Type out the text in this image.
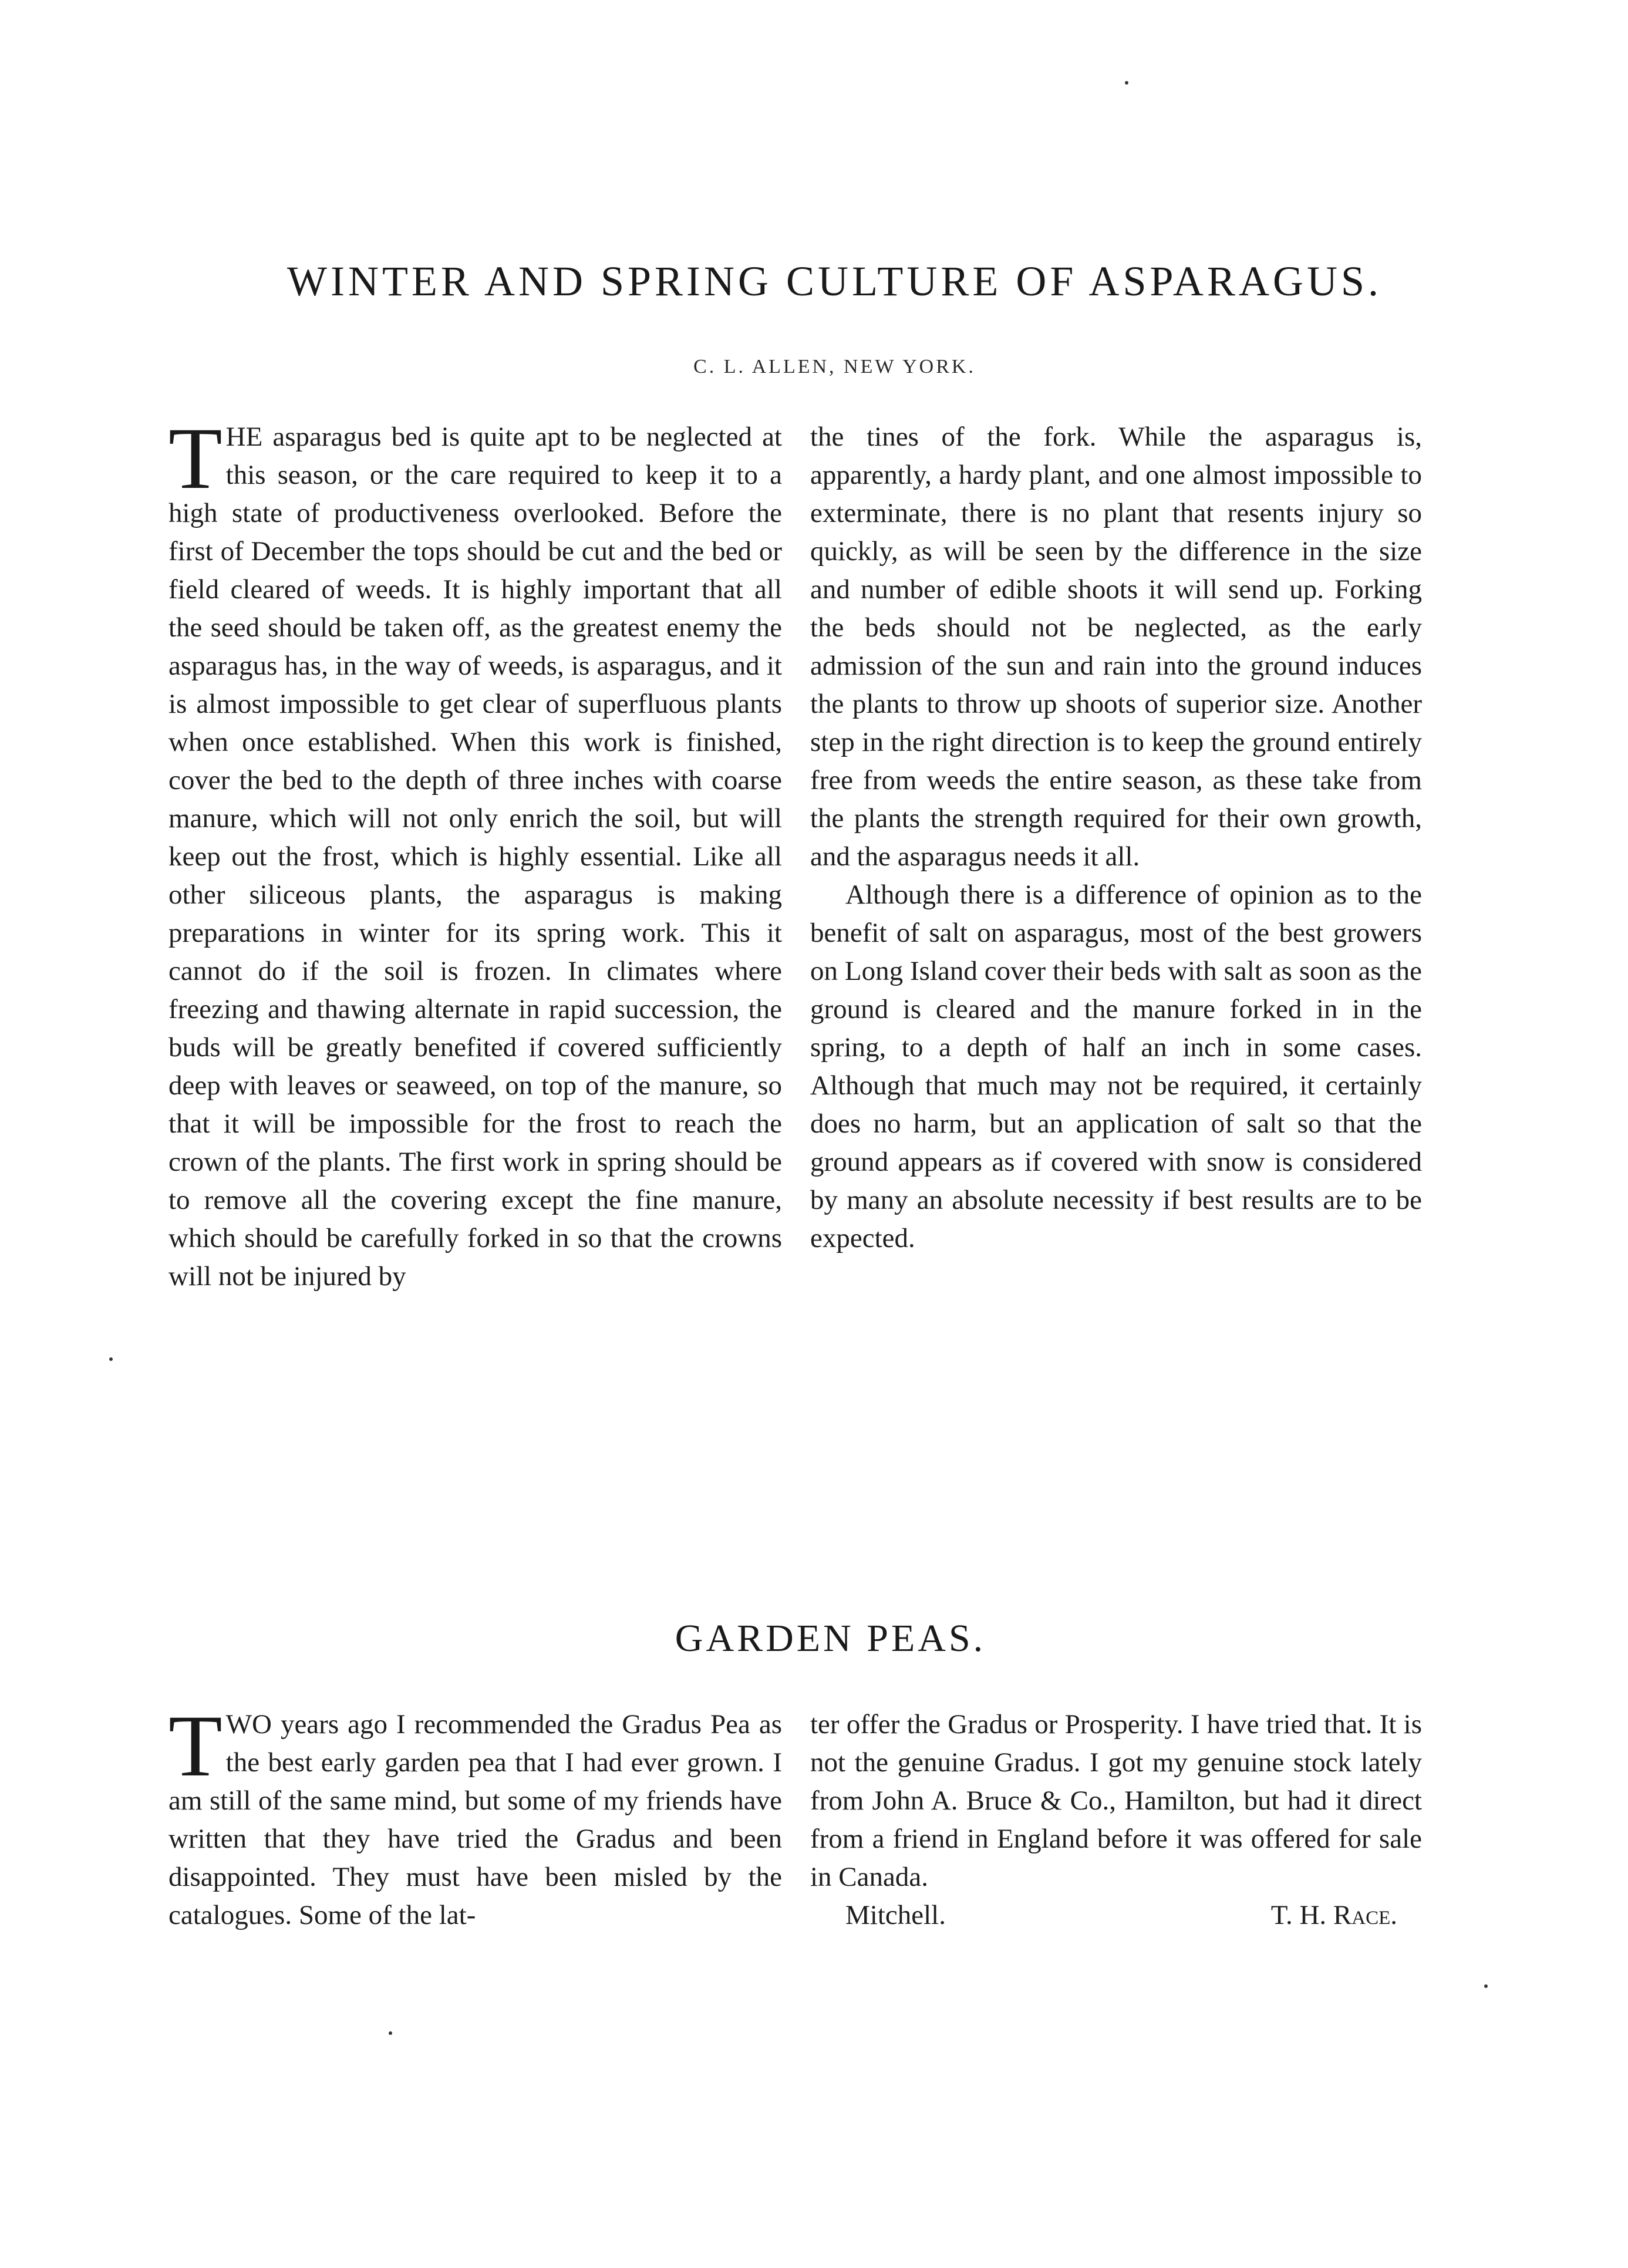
WINTER AND SPRING CULTURE OF ASPARAGUS.

C. L. ALLEN, NEW YORK.

THE asparagus bed is quite apt to be neglected at this season, or the care required to keep it to a high state of productiveness overlooked. Before the first of December the tops should be cut and the bed or field cleared of weeds. It is highly important that all the seed should be taken off, as the greatest enemy the asparagus has, in the way of weeds, is asparagus, and it is almost impossible to get clear of superfluous plants when once established. When this work is finished, cover the bed to the depth of three inches with coarse manure, which will not only enrich the soil, but will keep out the frost, which is highly essential. Like all other siliceous plants, the asparagus is making preparations in winter for its spring work. This it cannot do if the soil is frozen. In climates where freezing and thawing alternate in rapid succession, the buds will be greatly benefited if covered sufficiently deep with leaves or seaweed, on top of the manure, so that it will be impossible for the frost to reach the crown of the plants. The first work in spring should be to remove all the covering except the fine manure, which should be carefully forked in so that the crowns will not be injured by

the tines of the fork. While the asparagus is, apparently, a hardy plant, and one almost impossible to exterminate, there is no plant that resents injury so quickly, as will be seen by the difference in the size and number of edible shoots it will send up. Forking the beds should not be neglected, as the early admission of the sun and rain into the ground induces the plants to throw up shoots of superior size. Another step in the right direction is to keep the ground entirely free from weeds the entire season, as these take from the plants the strength required for their own growth, and the asparagus needs it all.

Although there is a difference of opinion as to the benefit of salt on asparagus, most of the best growers on Long Island cover their beds with salt as soon as the ground is cleared and the manure forked in in the spring, to a depth of half an inch in some cases. Although that much may not be required, it certainly does no harm, but an application of salt so that the ground appears as if covered with snow is considered by many an absolute necessity if best results are to be expected.

GARDEN PEAS.

TWO years ago I recommended the Gradus Pea as the best early garden pea that I had ever grown. I am still of the same mind, but some of my friends have written that they have tried the Gradus and been disappointed. They must have been misled by the catalogues. Some of the lat-

ter offer the Gradus or Prosperity. I have tried that. It is not the genuine Gradus. I got my genuine stock lately from John A. Bruce & Co., Hamilton, but had it direct from a friend in England before it was offered for sale in Canada.

Mitchell.	T. H. Race.
